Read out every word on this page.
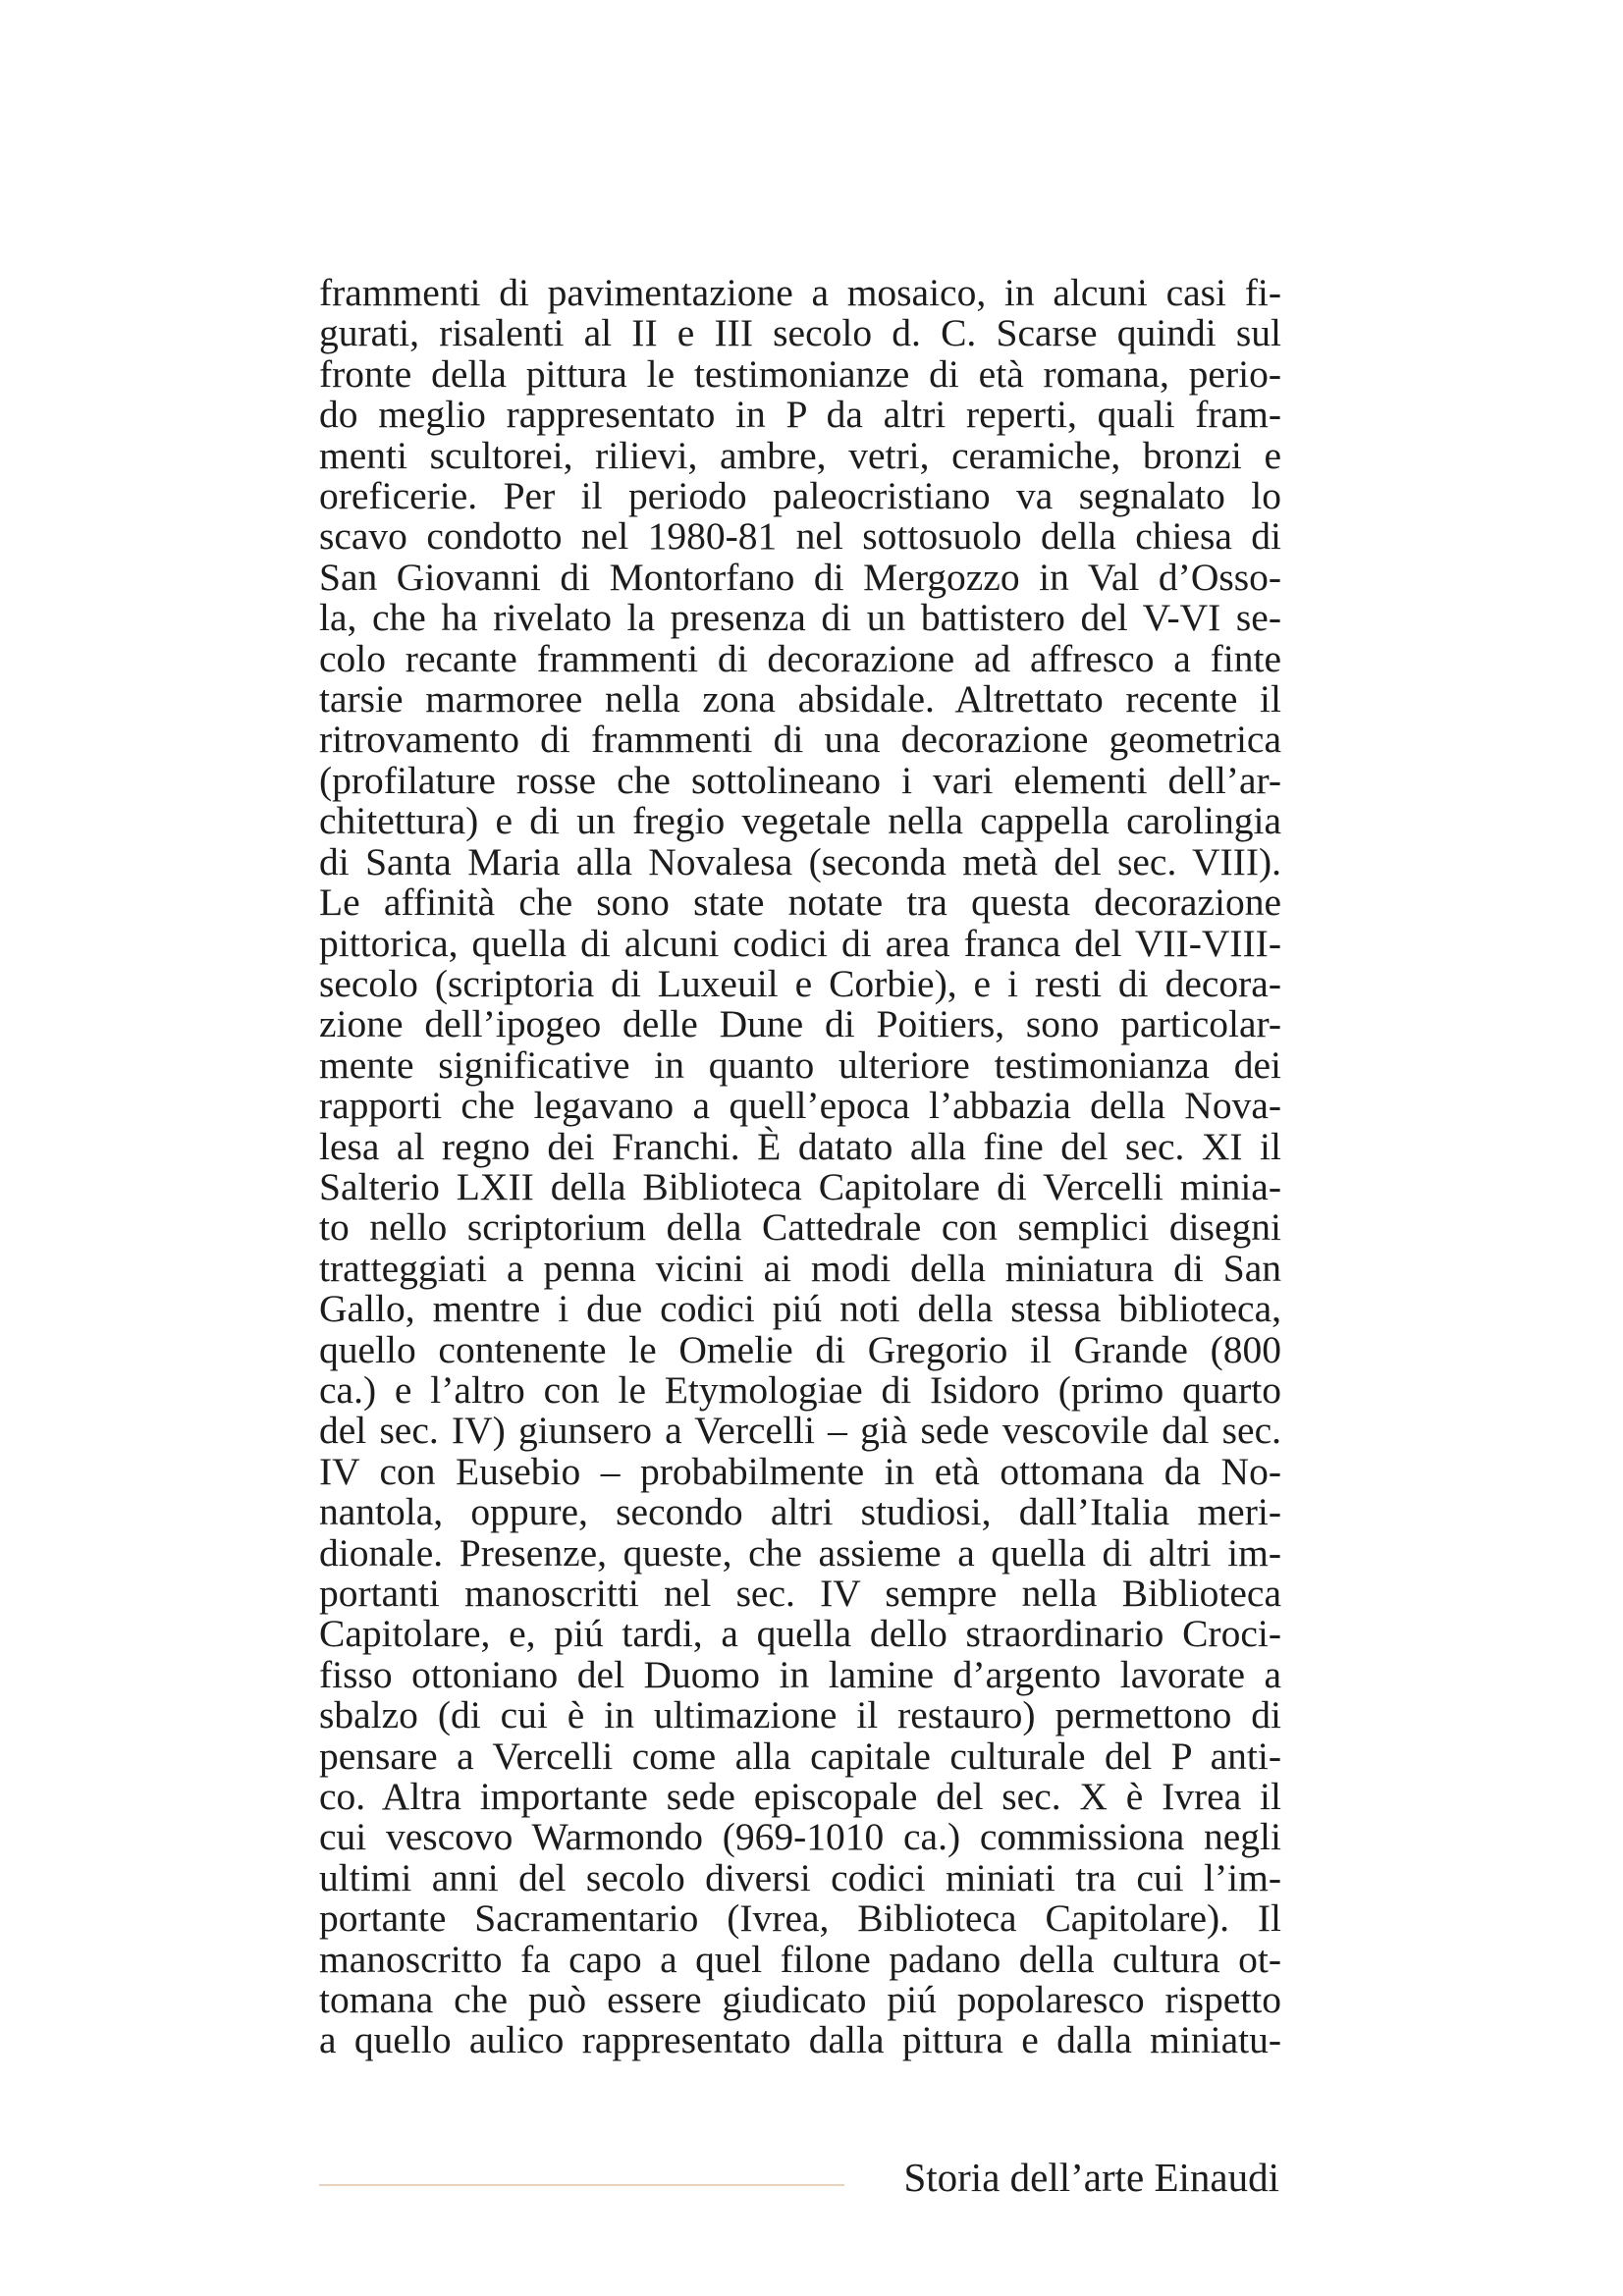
frammenti di pavimentazione a mosaico, in alcuni casi fi-
gurati, risalenti al II e III secolo d. C. Scarse quindi sul
fronte della pittura le testimonianze di età romana, perio-
do meglio rappresentato in P da altri reperti, quali fram-
menti scultorei, rilievi, ambre, vetri, ceramiche, bronzi e
oreficerie. Per il periodo paleocristiano va segnalato lo
scavo condotto nel 1980-81 nel sottosuolo della chiesa di
San Giovanni di Montorfano di Mergozzo in Val d’Osso-
la, che ha rivelato la presenza di un battistero del V-VI se-
colo recante frammenti di decorazione ad affresco a finte
tarsie marmoree nella zona absidale. Altrettato recente il
ritrovamento di frammenti di una decorazione geometrica
(profilature rosse che sottolineano i vari elementi dell’ar-
chitettura) e di un fregio vegetale nella cappella carolingia
di Santa Maria alla Novalesa (seconda metà del sec. VIII).
Le affinità che sono state notate tra questa decorazione
pittorica, quella di alcuni codici di area franca del VII-VIII-
secolo (scriptoria di Luxeuil e Corbie), e i resti di decora-
zione dell’ipogeo delle Dune di Poitiers, sono particolar-
mente significative in quanto ulteriore testimonianza dei
rapporti che legavano a quell’epoca l’abbazia della Nova-
lesa al regno dei Franchi. È datato alla fine del sec. XI il
Salterio LXII della Biblioteca Capitolare di Vercelli minia-
to nello scriptorium della Cattedrale con semplici disegni
tratteggiati a penna vicini ai modi della miniatura di San
Gallo, mentre i due codici piú noti della stessa biblioteca,
quello contenente le Omelie di Gregorio il Grande (800
ca.) e l’altro con le Etymologiae di Isidoro (primo quarto
del sec. IV) giunsero a Vercelli – già sede vescovile dal sec.
IV con Eusebio – probabilmente in età ottomana da No-
nantola, oppure, secondo altri studiosi, dall’Italia meri-
dionale. Presenze, queste, che assieme a quella di altri im-
portanti manoscritti nel sec. IV sempre nella Biblioteca
Capitolare, e, piú tardi, a quella dello straordinario Croci-
fisso ottoniano del Duomo in lamine d’argento lavorate a
sbalzo (di cui è in ultimazione il restauro) permettono di
pensare a Vercelli come alla capitale culturale del P anti-
co. Altra importante sede episcopale del sec. X è Ivrea il
cui vescovo Warmondo (969-1010 ca.) commissiona negli
ultimi anni del secolo diversi codici miniati tra cui l’im-
portante Sacramentario (Ivrea, Biblioteca Capitolare). Il
manoscritto fa capo a quel filone padano della cultura ot-
tomana che può essere giudicato piú popolaresco rispetto
a quello aulico rappresentato dalla pittura e dalla miniatu-
Storia dell’arte Einaudi
